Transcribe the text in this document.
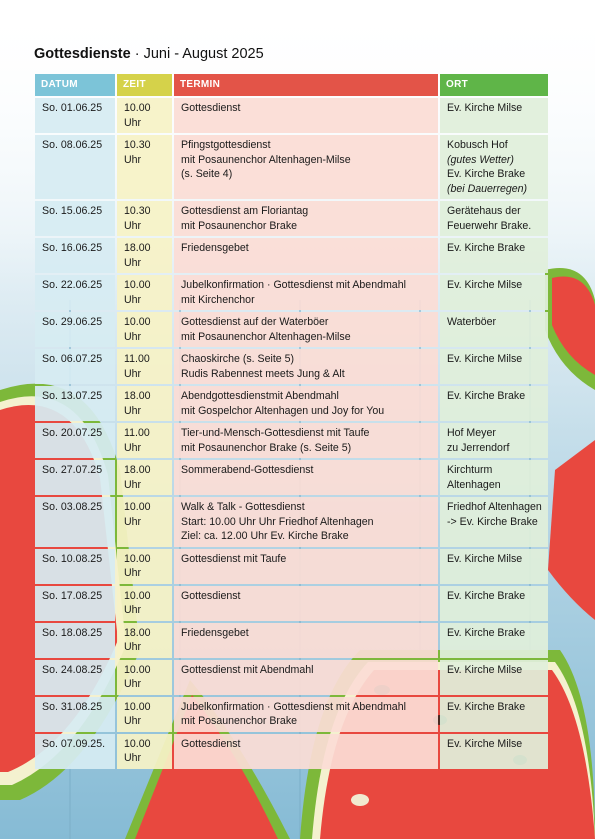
Gottesdienste · Juni - August 2025
DATUM	ZEIT	TERMIN	ORT
So. 01.06.25	10.00 Uhr	Gottesdienst	Ev. Kirche Milse

So. 08.06.25	10.30 Uhr	Pfingstgottesdienst
mit Posaunenchor Altenhagen-Milse
(s. Seite 4)	Kobusch Hof
(gutes Wetter)
Ev. Kirche Brake
(bei Dauerregen)

So. 15.06.25	10.30 Uhr	Gottesdienst am Floriantag
mit Posaunenchor Brake	Gerätehaus der
Feuerwehr Brake.

So. 16.06.25	18.00 Uhr	Friedensgebet	Ev. Kirche Brake

So. 22.06.25	10.00 Uhr	Jubelkonfirmation · Gottesdienst mit Abendmahl
mit Kirchenchor	Ev. Kirche Milse

So. 29.06.25	10.00 Uhr	Gottesdienst auf der Waterböer
mit Posaunenchor Altenhagen-Milse	Waterböer

So. 06.07.25	11.00 Uhr	Chaoskirche (s. Seite 5)
Rudis Rabennest meets Jung & Alt	Ev. Kirche Milse

So. 13.07.25	18.00 Uhr	Abendgottesdienstmit Abendmahl
mit Gospelchor Altenhagen und Joy for You	Ev. Kirche Brake

So. 20.07.25	11.00 Uhr	Tier-und-Mensch-Gottesdienst mit Taufe
mit Posaunenchor Brake (s. Seite 5)	Hof Meyer
zu Jerrendorf

So. 27.07.25	18.00 Uhr	Sommerabend-Gottesdienst	Kirchturm
Altenhagen

So. 03.08.25	10.00 Uhr	Walk & Talk - Gottesdienst
Start: 10.00 Uhr Uhr Friedhof Altenhagen
Ziel: ca. 12.00 Uhr Ev. Kirche Brake	Friedhof Altenhagen
-> Ev. Kirche Brake

So. 10.08.25	10.00 Uhr	Gottesdienst mit Taufe	Ev. Kirche Milse

So. 17.08.25	10.00 Uhr	Gottesdienst	Ev. Kirche Brake

So. 18.08.25	18.00 Uhr	Friedensgebet	Ev. Kirche Brake

So. 24.08.25	10.00 Uhr	Gottesdienst mit Abendmahl	Ev. Kirche Milse

So. 31.08.25	10.00 Uhr	Jubelkonfirmation · Gottesdienst mit Abendmahl
mit Posaunenchor Brake	Ev. Kirche Brake

So. 07.09.25.	10.00 Uhr	Gottesdienst	Ev. Kirche Milse
